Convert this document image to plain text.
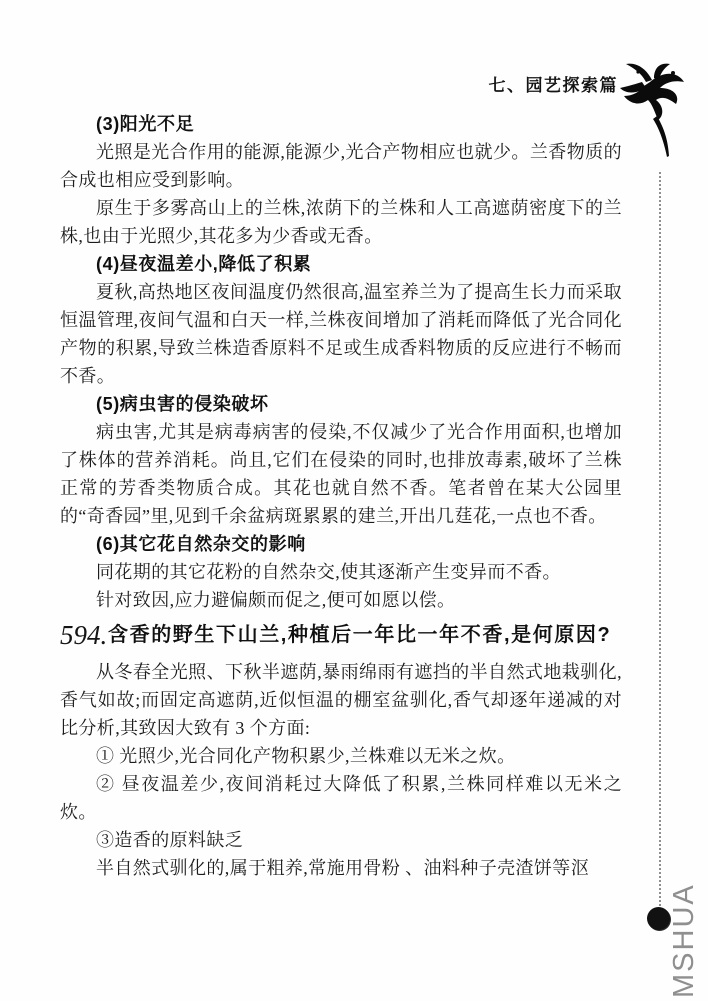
七、园艺探索篇

(3)阳光不足

光照是光合作用的能源,能源少,光合产物相应也就少。兰香物质的合成也相应受到影响。

原生于多雾高山上的兰株,浓荫下的兰株和人工高遮荫密度下的兰株,也由于光照少,其花多为少香或无香。

(4)昼夜温差小,降低了积累

夏秋,高热地区夜间温度仍然很高,温室养兰为了提高生长力而采取恒温管理,夜间气温和白天一样,兰株夜间增加了消耗而降低了光合同化产物的积累,导致兰株造香原料不足或生成香料物质的反应进行不畅而不香。

(5)病虫害的侵染破坏

病虫害,尤其是病毒病害的侵染,不仅减少了光合作用面积,也增加了株体的营养消耗。尚且,它们在侵染的同时,也排放毒素,破坏了兰株正常的芳香类物质合成。其花也就自然不香。笔者曾在某大公园里的“奇香园”里,见到千余盆病斑累累的建兰,开出几莛花,一点也不香。

(6)其它花自然杂交的影响

同花期的其它花粉的自然杂交,使其逐渐产生变异而不香。

针对致因,应力避偏颇而促之,便可如愿以偿。

594. 含香的野生下山兰,种植后一年比一年不香,是何原因?

从冬春全光照、下秋半遮荫,暴雨绵雨有遮挡的半自然式地栽驯化,香气如故;而固定高遮荫,近似恒温的棚室盆驯化,香气却逐年递减的对比分析,其致因大致有 3 个方面:

① 光照少,光合同化产物积累少,兰株难以无米之炊。

② 昼夜温差少,夜间消耗过大降低了积累,兰株同样难以无米之炊。

③造香的原料缺乏

半自然式驯化的,属于粗养,常施用骨粉 、油料种子壳渣饼等沤

MSHUA
